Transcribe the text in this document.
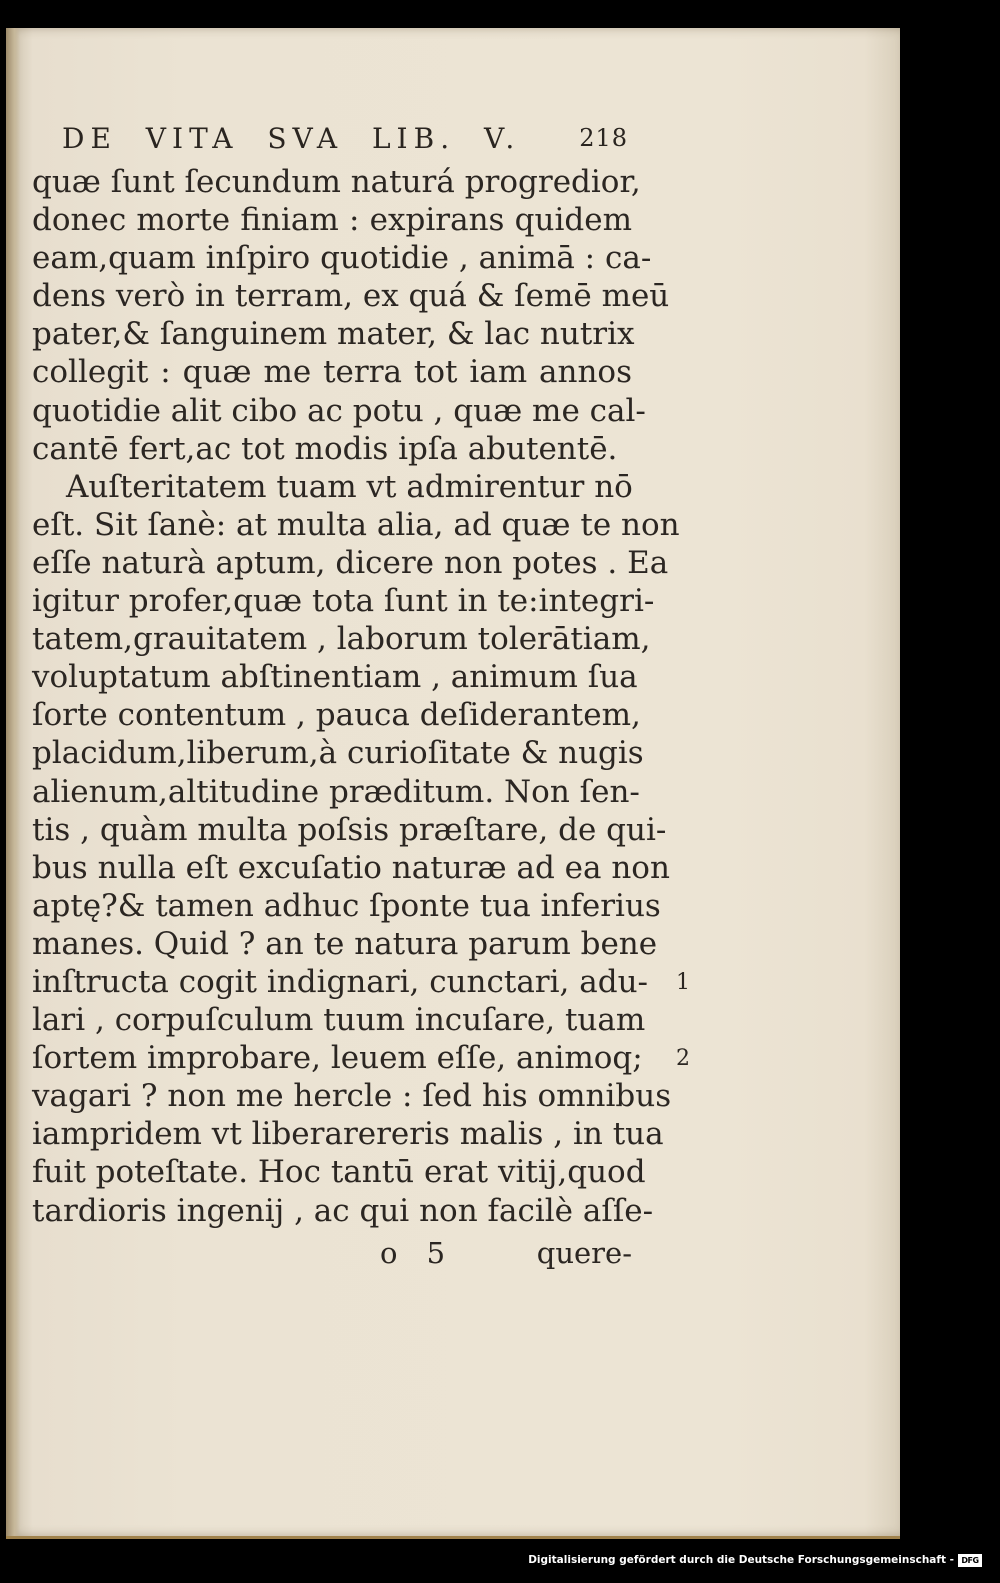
DE VITA SVA LIB. V. 218
quæ ſunt ſecundum naturá progredior,
donec morte finiam : expirans quidem
eam,quam inſpiro quotidie , animā : ca-
dens verò in terram, ex quá & ſemē meū
pater,& ſanguinem mater, & lac nutrix
collegit : quæ me terra tot iam annos
quotidie alit cibo ac potu , quæ me cal-
cantē fert,ac tot modis ipſa abutentē.
Auſteritatem tuam vt admirentur nō
eſt. Sit ſanè: at multa alia, ad quæ te non
eſſe naturà aptum, dicere non potes . Ea
igitur profer,quæ tota ſunt in te:integri-
tatem,grauitatem , laborum tolerātiam,
voluptatum abſtinentiam , animum ſua
ſorte contentum , pauca deſiderantem,
placidum,liberum,à curioſitate & nugis
alienum,altitudine præditum. Non ſen-
tis , quàm multa poſsis præſtare, de qui-
bus nulla eſt excuſatio naturæ ad ea non
aptę?& tamen adhuc ſponte tua inferius
manes. Quid ? an te natura parum bene
inſtructa cogit indignari, cunctari, adu-
lari , corpuſculum tuum incuſare, tuam
ſortem improbare, leuem eſſe, animoq;
vagari ? non me hercle : ſed his omnibus
iampridem vt liberarereris malis , in tua
fuit poteſtate. Hoc tantū erat vitij,quod
tardioris ingenij , ac qui non facilè aſſe-
1
2
o 5	quere-
Digitalisierung gefördert durch die Deutsche Forschungsgemeinschaft - DFG
